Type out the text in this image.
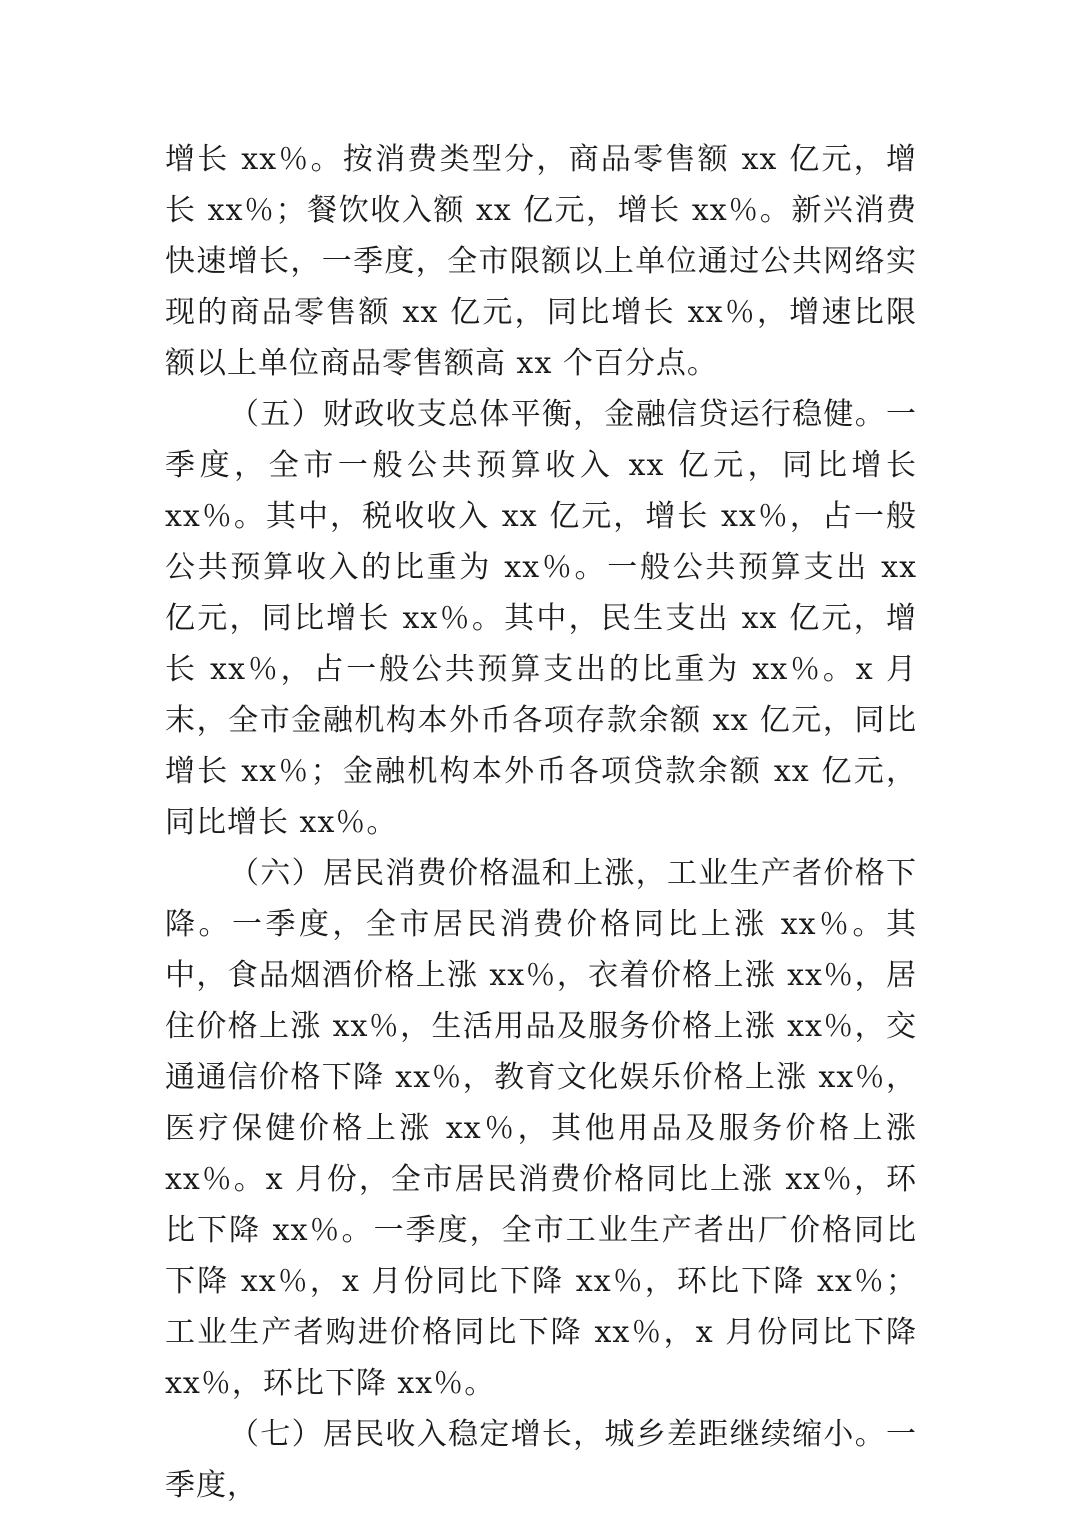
增长 xx％。按消费类型分，商品零售额 xx 亿元，增长 xx％；餐饮收入额 xx 亿元，增长 xx％。新兴消费快速增长，一季度，全市限额以上单位通过公共网络实现的商品零售额 xx 亿元，同比增长 xx％，增速比限额以上单位商品零售额高 xx 个百分点。

（五）财政收支总体平衡，金融信贷运行稳健。一季度，全市一般公共预算收入 xx 亿元，同比增长 xx％。其中，税收收入 xx 亿元，增长 xx％，占一般公共预算收入的比重为 xx％。一般公共预算支出 xx 亿元，同比增长 xx％。其中，民生支出 xx 亿元，增长 xx％，占一般公共预算支出的比重为 xx％。x 月末，全市金融机构本外币各项存款余额 xx 亿元，同比增长 xx％；金融机构本外币各项贷款余额 xx 亿元，同比增长 xx％。

（六）居民消费价格温和上涨，工业生产者价格下降。一季度，全市居民消费价格同比上涨 xx％。其中，食品烟酒价格上涨 xx％，衣着价格上涨 xx％，居住价格上涨 xx％，生活用品及服务价格上涨 xx％，交通通信价格下降 xx％，教育文化娱乐价格上涨 xx％，医疗保健价格上涨 xx％，其他用品及服务价格上涨 xx％。x 月份，全市居民消费价格同比上涨 xx％，环比下降 xx％。一季度，全市工业生产者出厂价格同比下降 xx％，x 月份同比下降 xx％，环比下降 xx％；工业生产者购进价格同比下降 xx％，x 月份同比下降 xx％，环比下降 xx％。

（七）居民收入稳定增长，城乡差距继续缩小。一季度，
